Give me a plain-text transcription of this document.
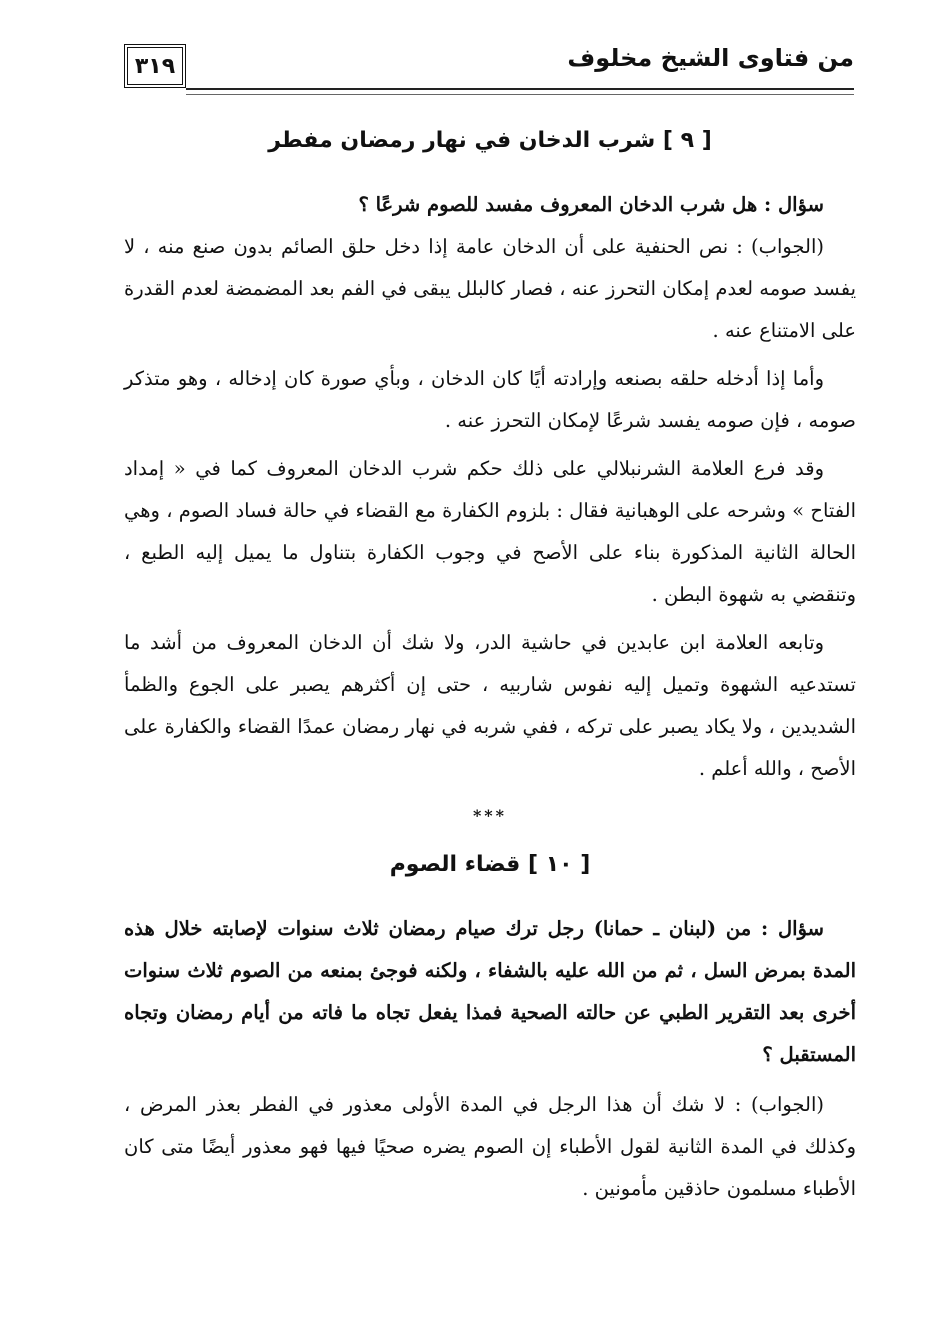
من فتاوى الشيخ مخلوف
٣١٩
[ ٩ ] شرب الدخان في نهار رمضان مفطر

سؤال : هل شرب الدخان المعروف مفسد للصوم شرعًا ؟

(الجواب) : نص الحنفية على أن الدخان عامة إذا دخل حلق الصائم بدون صنع منه ، لا يفسد صومه لعدم إمكان التحرز عنه ، فصار كالبلل يبقى في الفم بعد المضمضة لعدم القدرة على الامتناع عنه .

وأما إذا أدخله حلقه بصنعه وإرادته أيًا كان الدخان ، وبأي صورة كان إدخاله ، وهو متذكر صومه ، فإن صومه يفسد شرعًا لإمكان التحرز عنه .

وقد فرع العلامة الشرنبلالي على ذلك حكم شرب الدخان المعروف كما في « إمداد الفتاح » وشرحه على الوهبانية فقال : بلزوم الكفارة مع القضاء في حالة فساد الصوم ، وهي الحالة الثانية المذكورة بناء على الأصح في وجوب الكفارة بتناول ما يميل إليه الطبع ، وتنقضي به شهوة البطن .

وتابعه العلامة ابن عابدين في حاشية الدر، ولا شك أن الدخان المعروف من أشد ما تستدعيه الشهوة وتميل إليه نفوس شاربيه ، حتى إن أكثرهم يصبر على الجوع والظمأ الشديدين ، ولا يكاد يصبر على تركه ، ففي شربه في نهار رمضان عمدًا القضاء والكفارة على الأصح ، والله أعلم .

***
[ ١٠ ] قضاء الصوم

سؤال : من (لبنان ـ حمانا) رجل ترك صيام رمضان ثلاث سنوات لإصابته خلال هذه المدة بمرض السل ، ثم من الله عليه بالشفاء ، ولكنه فوجئ بمنعه من الصوم ثلاث سنوات أخرى بعد التقرير الطبي عن حالته الصحية فمذا يفعل تجاه ما فاته من أيام رمضان وتجاه المستقبل ؟

(الجواب) : لا شك أن هذا الرجل في المدة الأولى معذور في الفطر بعذر المرض ، وكذلك في المدة الثانية لقول الأطباء إن الصوم يضره صحيًا فيها فهو معذور أيضًا متى كان الأطباء مسلمون حاذقين مأمونين .
